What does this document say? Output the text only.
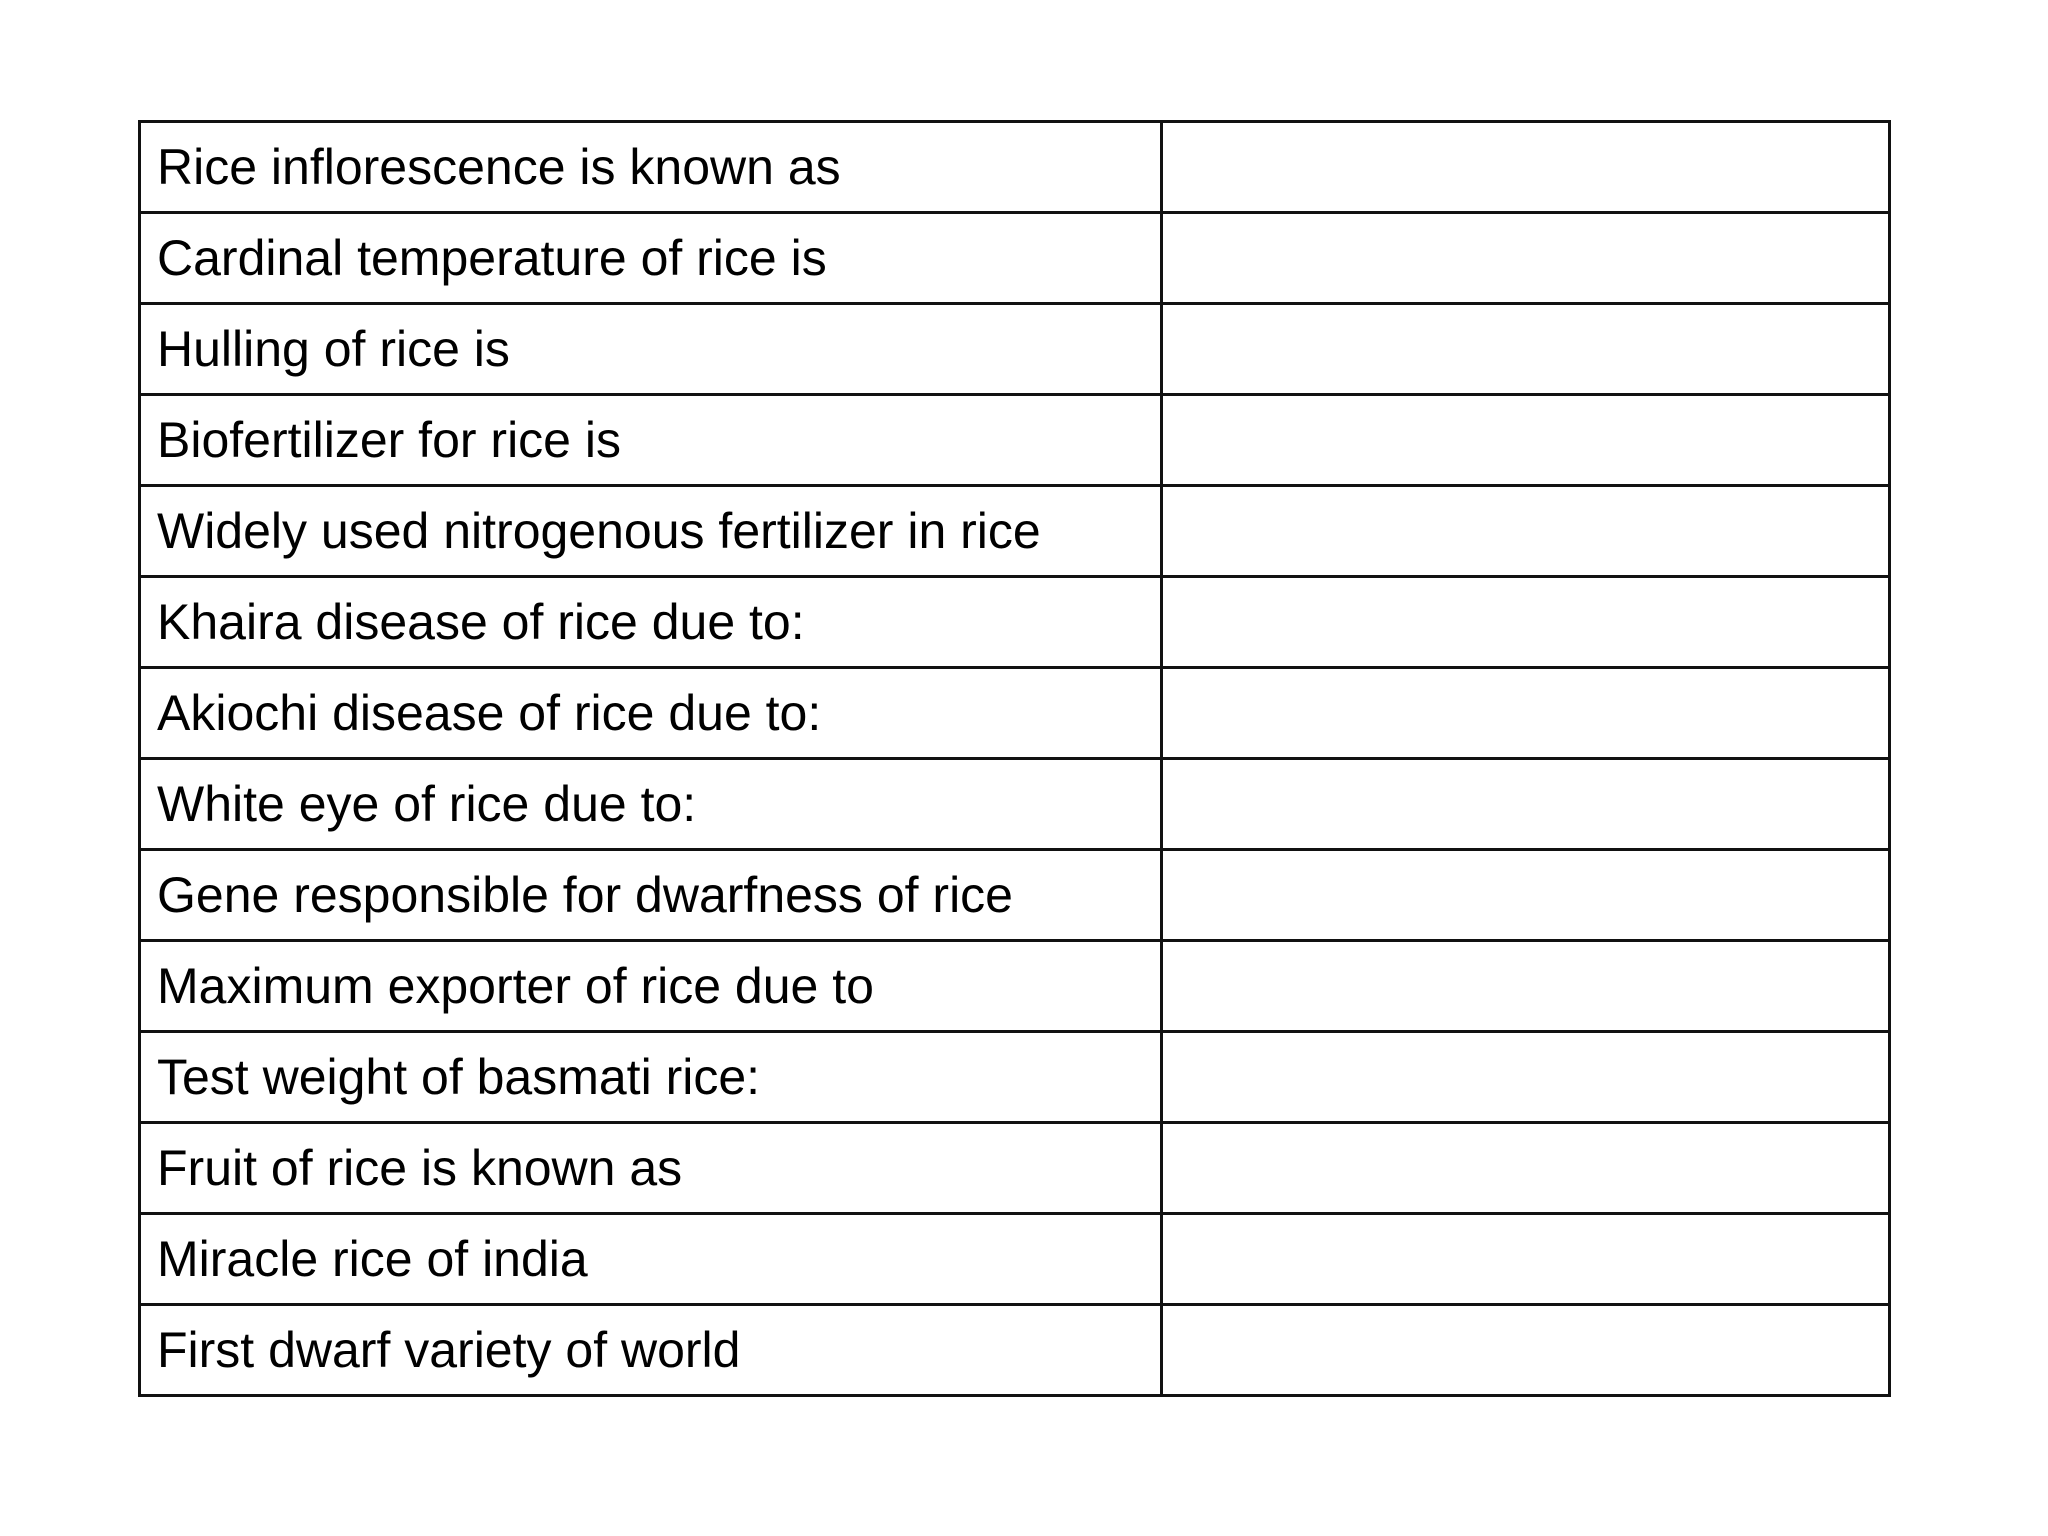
Rice inflorescence is known as	
Cardinal temperature of rice is	
Hulling of rice is	
Biofertilizer for rice is	
Widely used nitrogenous fertilizer in rice	
Khaira disease of rice due to:	
Akiochi disease of rice due to:	
White eye of rice due to:	
Gene responsible for dwarfness of rice	
Maximum exporter of rice due to	
Test weight of basmati rice:	
Fruit of rice is known as	
Miracle rice of india	
First dwarf variety of world	
